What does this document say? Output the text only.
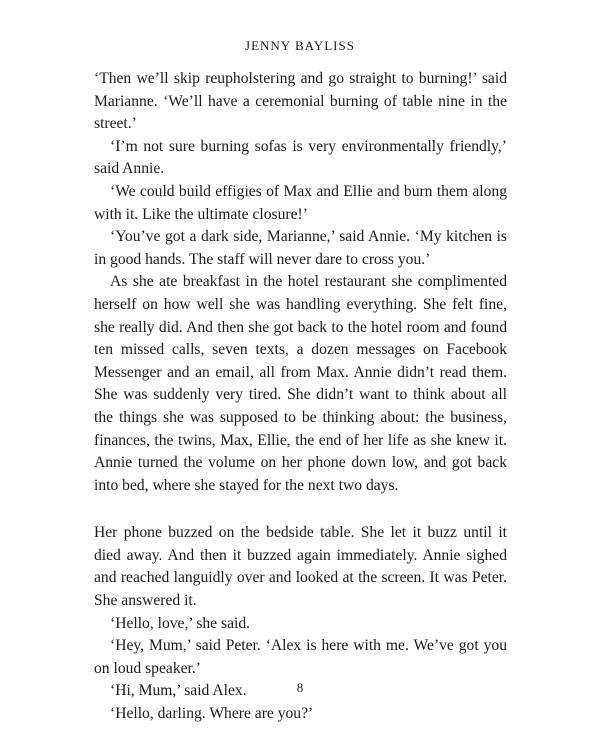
JENNY BAYLISS

‘Then we’ll skip reupholstering and go straight to burning!’ said Marianne. ‘We’ll have a ceremonial burning of table nine in the street.’

‘I’m not sure burning sofas is very environmentally friendly,’ said Annie.

‘We could build effigies of Max and Ellie and burn them along with it. Like the ultimate closure!’

‘You’ve got a dark side, Marianne,’ said Annie. ‘My kitchen is in good hands. The staff will never dare to cross you.’

As she ate breakfast in the hotel restaurant she complimented herself on how well she was handling everything. She felt fine, she really did. And then she got back to the hotel room and found ten missed calls, seven texts, a dozen messages on Facebook Messenger and an email, all from Max. Annie didn’t read them. She was suddenly very tired. She didn’t want to think about all the things she was supposed to be thinking about: the business, finances, the twins, Max, Ellie, the end of her life as she knew it. Annie turned the volume on her phone down low, and got back into bed, where she stayed for the next two days.

Her phone buzzed on the bedside table. She let it buzz until it died away. And then it buzzed again immediately. Annie sighed and reached languidly over and looked at the screen. It was Peter. She answered it.

‘Hello, love,’ she said.

‘Hey, Mum,’ said Peter. ‘Alex is here with me. We’ve got you on loud speaker.’

‘Hi, Mum,’ said Alex.

‘Hello, darling. Where are you?’

8
